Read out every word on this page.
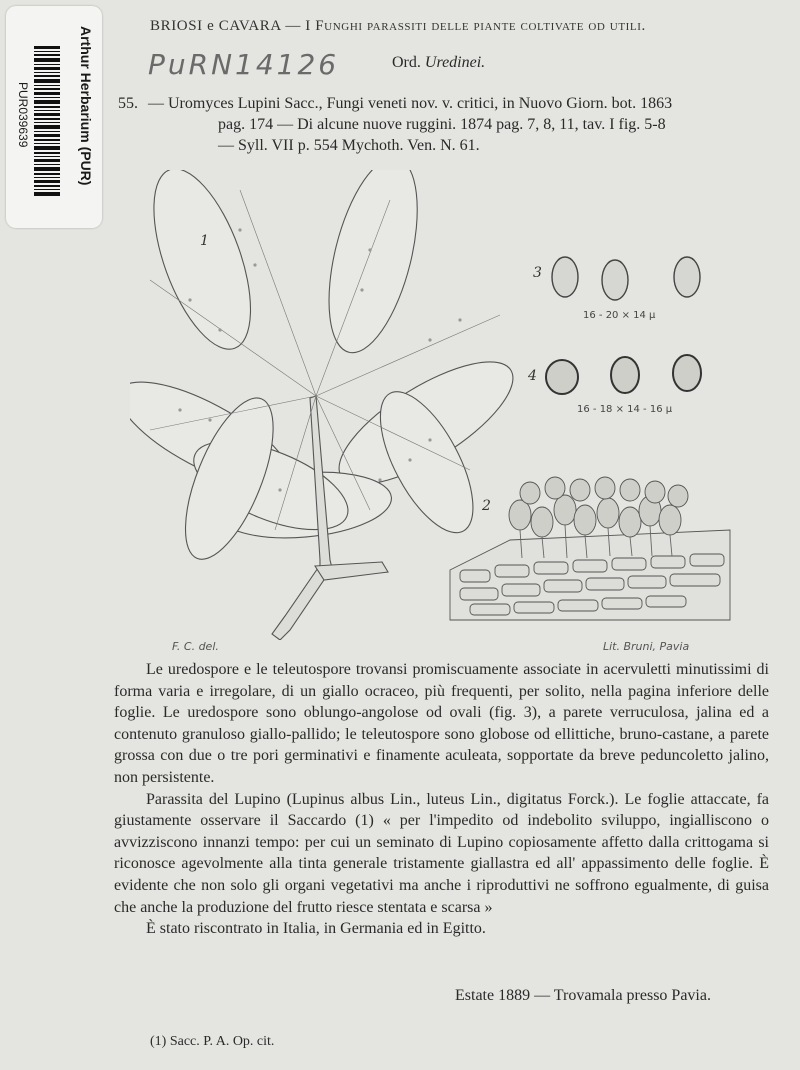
Arthur Herbarium (PUR)
PUR039639
BRIOSI e CAVARA — I Funghi parassiti delle piante coltivate od utili.
PuRN14126	Ord. Uredinei.
55. — Uromyces Lupini Sacc., Fungi veneti nov. v. critici, in Nuovo Giorn. bot. 1863
pag. 174 — Di alcune nuove ruggini. 1874 pag. 7, 8, 11, tav. I fig. 5-8
— Syll. VII p. 554 Mychoth. Ven. N. 61.
1
3
16 - 20 × 14 μ
4
16 - 18 × 14 - 16 μ
2
F. C. del.	Lit. Bruni, Pavia

Le uredospore e le teleutospore trovansi promiscuamente associate in acervuletti minutissimi di forma varia e irregolare, di un giallo ocraceo, più frequenti, per solito, nella pagina inferiore delle foglie. Le uredospore sono oblungo-angolose od ovali (fig. 3), a parete verruculosa, jalina ed a contenuto granuloso giallo-pallido; le teleutospore sono globose od ellittiche, bruno-castane, a parete grossa con due o tre pori germinativi e finamente aculeata, sopportate da breve peduncoletto jalino, non persistente.

Parassita del Lupino (Lupinus albus Lin., luteus Lin., digitatus Forck.). Le foglie attaccate, fa giustamente osservare il Saccardo (1) « per l'impedito od indebolito sviluppo, ingialliscono o avvizziscono innanzi tempo: per cui un seminato di Lupino copiosamente affetto dalla crittogama si riconosce agevolmente alla tinta generale tristamente giallastra ed all' appassimento delle foglie. È evidente che non solo gli organi vegetativi ma anche i riproduttivi ne soffrono egualmente, di guisa che anche la produzione del frutto riesce stentata e scarsa »

È stato riscontrato in Italia, in Germania ed in Egitto.

Estate 1889 — Trovamala presso Pavia.
(1) Sacc. P. A. Op. cit.
